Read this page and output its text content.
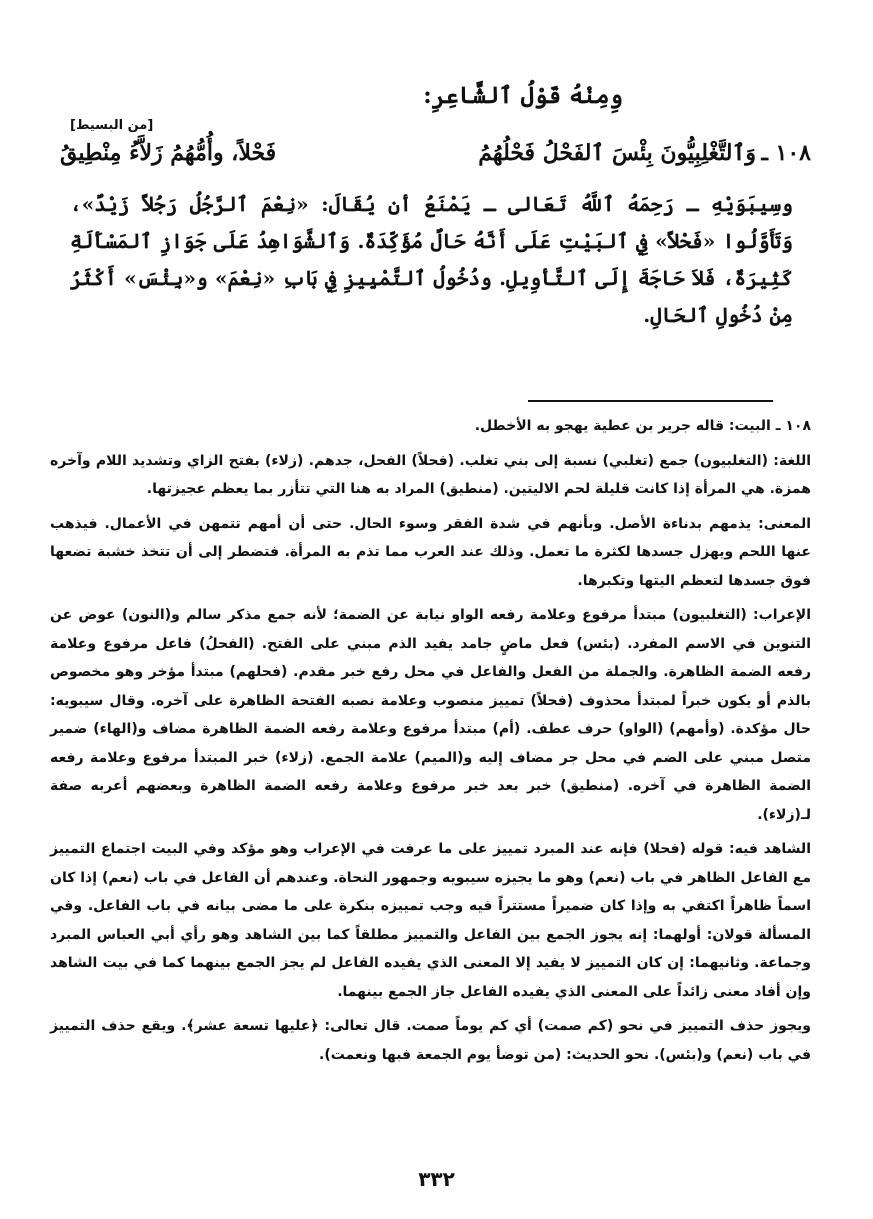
وِمِنْهُ قَوْلُ ٱلشَّاعِرِ:
[من البسيط]
١٠٨ ـ
وَٱلتَّغْلِبِيُّونَ بِئْسَ ٱلفَحْلُ فَحْلُهُمُ
فَحْلاً، وأُمُّهُمُ زَلاَّءُ مِنْطِيقُ
وسِيبَوَيْهِ ـ رَحِمَهُ ٱللَّهُ تَعَالى ـ يَمْنَعُ أن يُقَالَ: «نِعْمَ ٱلرَّجُلُ رَجُلاً زَيْدٌ»، وَتَأَوَّلُوا «فَحْلاً» فِي ٱلبَيْتِ عَلَى أَنَّهُ حَالٌ مُؤَكِّدَةٌ. وَٱلشَّوَاهِدُ عَلَى جَوَازِ ٱلمَسْأَلَةِ كَثِيرَةٌ، فَلاَ حَاجَةَ إِلَى ٱلتَّأوِيلِ. ودُخُولُ ٱلتَّمْيِيزِ فِي بَابِ «نِعْمَ» و«بِئْسَ» أَكْثَرُ مِنْ دُخُولِ ٱلحَالِ.

١٠٨ ـ البيت: قاله جرير بن عطية يهجو به الأخطل.

اللغة: (التغلبيون) جمع (تغلبي) نسبة إلى بني تغلب. (فحلاً) الفحل، جدهم. (زلاء) بفتح الزاي وتشديد اللام وآخره همزة. هي المرأة إذا كانت قليلة لحم الاليتين. (منطيق) المراد به هنا التي تتأزر بما يعظم عجيزتها.

المعنى: يذمهم بدناءة الأصل. وبأنهم في شدة الفقر وسوء الحال. حتى أن أمهم تتمهن في الأعمال. فيذهب عنها اللحم ويهزل جسدها لكثرة ما تعمل. وذلك عند العرب مما تذم به المرأة. فتضطر إلى أن تتخذ خشبة تضعها فوق جسدها لتعظم اليتها وتكبرها.

الإعراب: (التغلبيون) مبتدأ مرفوع وعلامة رفعه الواو نيابة عن الضمة؛ لأنه جمع مذكر سالم و(النون) عوض عن التنوين في الاسم المفرد. (بئس) فعل ماضٍ جامد يفيد الذم مبني على الفتح. (الفحلُ) فاعل مرفوع وعلامة رفعه الضمة الظاهرة. والجملة من الفعل والفاعل في محل رفع خبر مقدم. (فحلهم) مبتدأ مؤخر وهو مخصوص بالذم أو يكون خبراً لمبتدأ محذوف (فحلاً) تمييز منصوب وعلامة نصبه الفتحة الظاهرة على آخره. وقال سيبويه: حال مؤكدة. (وأمهم) (الواو) حرف عطف. (أم) مبتدأ مرفوع وعلامة رفعه الضمة الظاهرة مضاف و(الهاء) ضمير متصل مبني على الضم في محل جر مضاف إليه و(الميم) علامة الجمع. (زلاء) خبر المبتدأ مرفوع وعلامة رفعه الضمة الظاهرة في آخره. (منطيق) خبر بعد خبر مرفوع وعلامة رفعه الضمة الظاهرة وبعضهم أعربه صفة لـ(زلاء).

الشاهد فيه: قوله (فحلا) فإنه عند المبرد تمييز على ما عرفت في الإعراب وهو مؤكد وفي البيت اجتماع التمييز مع الفاعل الظاهر في باب (نعم) وهو ما يجيزه سيبويه وجمهور النحاة. وعندهم أن الفاعل في باب (نعم) إذا كان اسماً ظاهراً اكتفي به وإذا كان ضميراً مستتراً فيه وجب تمييزه بنكرة على ما مضى بيانه في باب الفاعل. وفي المسألة قولان: أولهما: إنه يجوز الجمع بين الفاعل والتمييز مطلقاً كما بين الشاهد وهو رأي أبي العباس المبرد وجماعة. وثانيهما: إن كان التمييز لا يفيد إلا المعنى الذي يفيده الفاعل لم يجز الجمع بينهما كما في بيت الشاهد وإن أفاد معنى زائداً على المعنى الذي يفيده الفاعل جاز الجمع بينهما.

ويجوز حذف التمييز في نحو (كم صمت) أي كم يوماً صمت. قال تعالى: ﴿عليها تسعة عشر﴾. ويقع حذف التمييز في باب (نعم) و(بئس). نحو الحديث: (من توضأ يوم الجمعة فبها ونعمت).

٣٣٢
